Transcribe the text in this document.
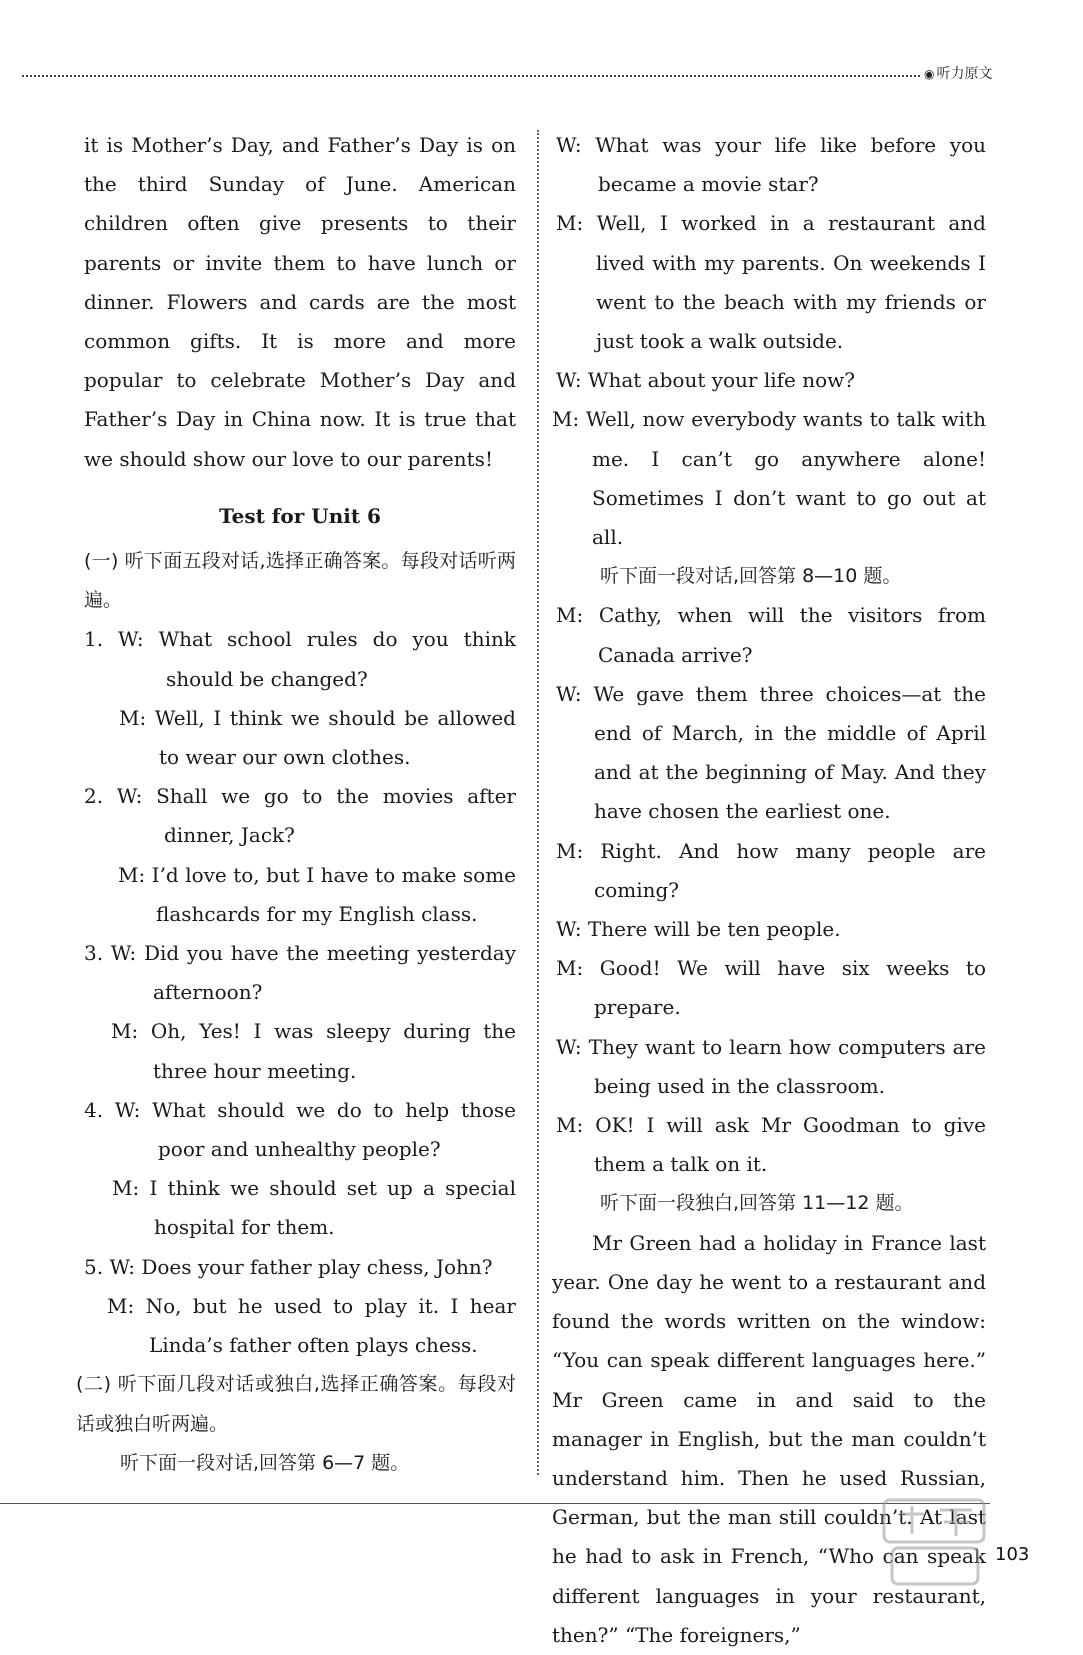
◉ 听力原文

it is Mother’s Day, and Father’s Day is on the third Sunday of June. American children often give presents to their parents or invite them to have lunch or dinner. Flowers and cards are the most common gifts. It is more and more popular to celebrate Mother’s Day and Father’s Day in China now. It is true that we should show our love to our parents!

Test for Unit 6

(一) 听下面五段对话,选择正确答案。每段对话听两遍。

1. W: What school rules do you think should be changed?

M: Well, I think we should be allowed to wear our own clothes.

2. W: Shall we go to the movies after dinner, Jack?

M: I’d love to, but I have to make some flashcards for my English class.

3. W: Did you have the meeting yesterday afternoon?

M: Oh, Yes! I was sleepy during the three hour meeting.

4. W: What should we do to help those poor and unhealthy people?

M: I think we should set up a special hospital for them.

5. W: Does your father play chess, John?

M: No, but he used to play it. I hear Linda’s father often plays chess.

(二) 听下面几段对话或独白,选择正确答案。每段对话或独白听两遍。

听下面一段对话,回答第 6—7 题。

W: What was your life like before you became a movie star?

M: Well, I worked in a restaurant and lived with my parents. On weekends I went to the beach with my friends or just took a walk outside.

W: What about your life now?

M: Well, now everybody wants to talk with me. I can’t go anywhere alone! Sometimes I don’t want to go out at all.

听下面一段对话,回答第 8—10 题。

M: Cathy, when will the visitors from Canada arrive?

W: We gave them three choices—at the end of March, in the middle of April and at the beginning of May. And they have chosen the earliest one.

M: Right. And how many people are coming?

W: There will be ten people.

M: Good! We will have six weeks to prepare.

W: They want to learn how computers are being used in the classroom.

M: OK! I will ask Mr Goodman to give them a talk on it.

听下面一段独白,回答第 11—12 题。

Mr Green had a holiday in France last year. One day he went to a restaurant and found the words written on the window: “You can speak different languages here.” Mr Green came in and said to the manager in English, but the man couldn’t understand him. Then he used Russian, German, but the man still couldn’t. At last he had to ask in French, “Who can speak different languages in your restaurant, then?” “The foreigners,”

103
